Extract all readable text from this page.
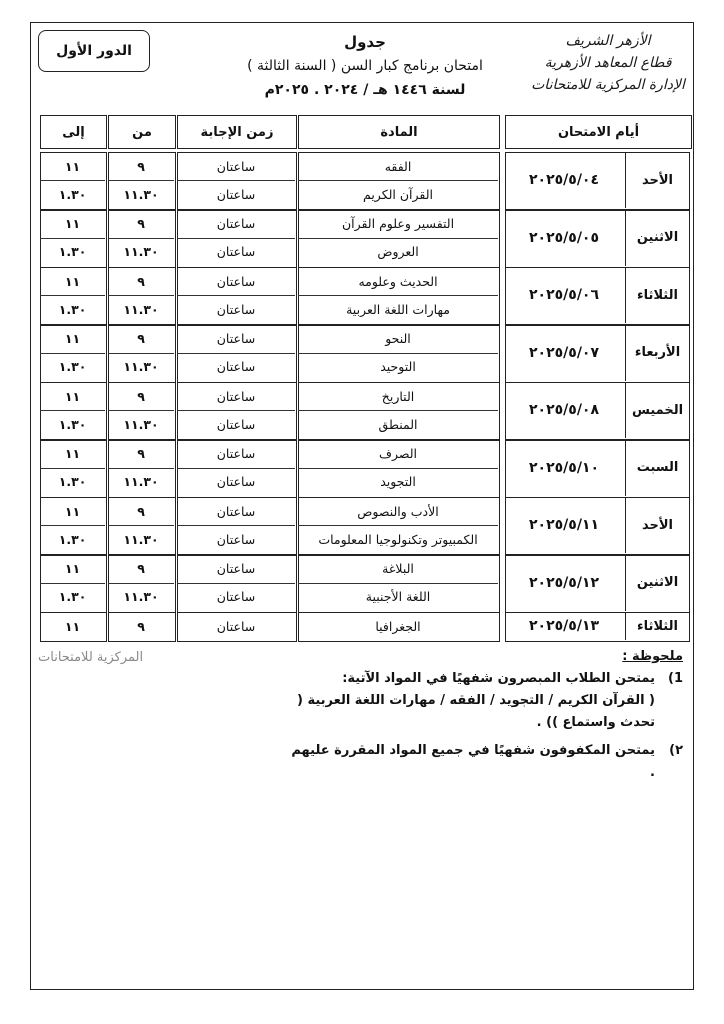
الأزهر الشريف
قطاع المعاهد الأزهرية
الإدارة المركزية للامتحانات
جدول
امتحان برنامج كبار السن ( السنة الثالثة )
لسنة ١٤٤٦ هـ / ٢٠٢٤ . ٢٠٢٥م
الدور الأول
أيام الامتحان
المادة
زمن الإجابة
من
إلى
الأحد
٢٠٢٥/٥/٠٤
الفقه
ساعتان
٩
١١
القرآن الكريم
ساعتان
١١.٣٠
١.٣٠
الاثنين
٢٠٢٥/٥/٠٥
التفسير وعلوم القرآن
ساعتان
٩
١١
العروض
ساعتان
١١.٣٠
١.٣٠
الثلاثاء
٢٠٢٥/٥/٠٦
الحديث وعلومه
ساعتان
٩
١١
مهارات اللغة العربية
ساعتان
١١.٣٠
١.٣٠
الأربعاء
٢٠٢٥/٥/٠٧
النحو
ساعتان
٩
١١
التوحيد
ساعتان
١١.٣٠
١.٣٠
الخميس
٢٠٢٥/٥/٠٨
التاريخ
ساعتان
٩
١١
المنطق
ساعتان
١١.٣٠
١.٣٠
السبت
٢٠٢٥/٥/١٠
الصرف
ساعتان
٩
١١
التجويد
ساعتان
١١.٣٠
١.٣٠
الأحد
٢٠٢٥/٥/١١
الأدب والنصوص
ساعتان
٩
١١
الكمبيوتر وتكنولوجيا المعلومات
ساعتان
١١.٣٠
١.٣٠
الاثنين
٢٠٢٥/٥/١٢
البلاغة
ساعتان
٩
١١
اللغة الأجنبية
ساعتان
١١.٣٠
١.٣٠
الثلاثاء
٢٠٢٥/٥/١٣
الجغرافيا
ساعتان
٩
١١
المركزية للامتحانات	ملحوظة :
1)
يمتحن الطلاب المبصرون شفهيًا في المواد الآتية:
( القرآن الكريم / التجويد / الفقه / مهارات اللغة العربية ( تحدث واستماع )) .
٢)
يمتحن المكفوفون شفهيًا في جميع المواد المقررة عليهم .
